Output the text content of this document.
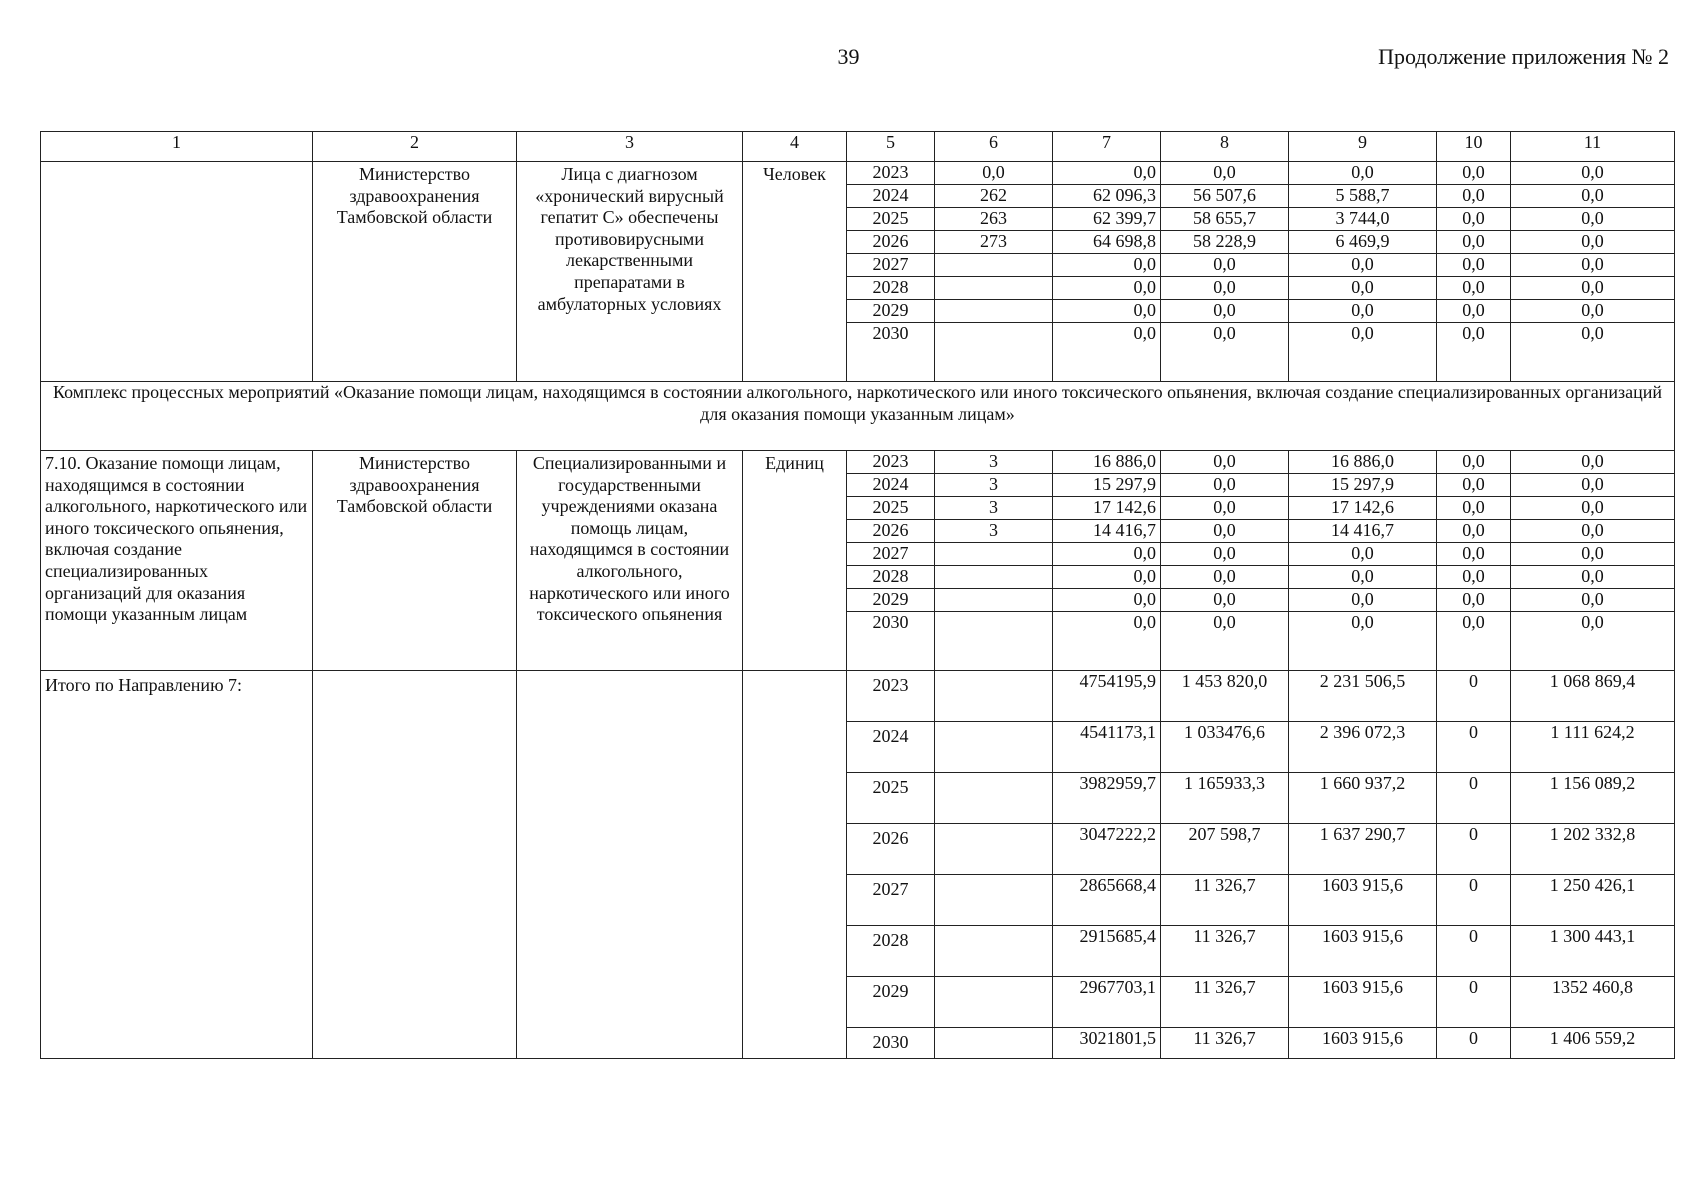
39	Продолжение приложения № 2
1	2	3	4	5	6	7	8	9	10	11
	Министерство здравоохранения Тамбовской области	Лица с диагнозом «хронический вирусный гепатит С» обеспечены противовирусными лекарственными препаратами в амбулаторных условиях	Человек	2023	0,0	0,0	0,0	0,0	0,0	0,0
				2024	262	62 096,3	56 507,6	5 588,7	0,0	0,0
				2025	263	62 399,7	58 655,7	3 744,0	0,0	0,0
				2026	273	64 698,8	58 228,9	6 469,9	0,0	0,0
				2027		0,0	0,0	0,0	0,0	0,0
				2028		0,0	0,0	0,0	0,0	0,0
				2029		0,0	0,0	0,0	0,0	0,0
				2030		0,0	0,0	0,0	0,0	0,0
Комплекс процессных мероприятий «Оказание помощи лицам, находящимся в состоянии алкогольного, наркотического или иного токсического опьянения, включая создание специализированных организаций для оказания помощи указанным лицам»										
7.10. Оказание помощи лицам, находящимся в состоянии алкогольного, наркотического или иного токсического опьянения, включая создание специализированных организаций для оказания помощи указанным лицам	Министерство здравоохранения Тамбовской области	Специализированными и государственными учреждениями оказана помощь лицам, находящимся в состоянии алкогольного, наркотического или иного токсического опьянения	Единиц	2023	3	16 886,0	0,0	16 886,0	0,0	0,0
				2024	3	15 297,9	0,0	15 297,9	0,0	0,0
				2025	3	17 142,6	0,0	17 142,6	0,0	0,0
				2026	3	14 416,7	0,0	14 416,7	0,0	0,0
				2027		0,0	0,0	0,0	0,0	0,0
				2028		0,0	0,0	0,0	0,0	0,0
				2029		0,0	0,0	0,0	0,0	0,0
				2030		0,0	0,0	0,0	0,0	0,0
Итого по Направлению 7:				2023		4754195,9	1 453 820,0	2 231 506,5	0	1 068 869,4
				2024		4541173,1	1 033476,6	2 396 072,3	0	1 111 624,2
				2025		3982959,7	1 165933,3	1 660 937,2	0	1 156 089,2
				2026		3047222,2	207 598,7	1 637 290,7	0	1 202 332,8
				2027		2865668,4	11 326,7	1603 915,6	0	1 250 426,1
				2028		2915685,4	11 326,7	1603 915,6	0	1 300 443,1
				2029		2967703,1	11 326,7	1603 915,6	0	1352 460,8
				2030		3021801,5	11 326,7	1603 915,6	0	1 406 559,2
